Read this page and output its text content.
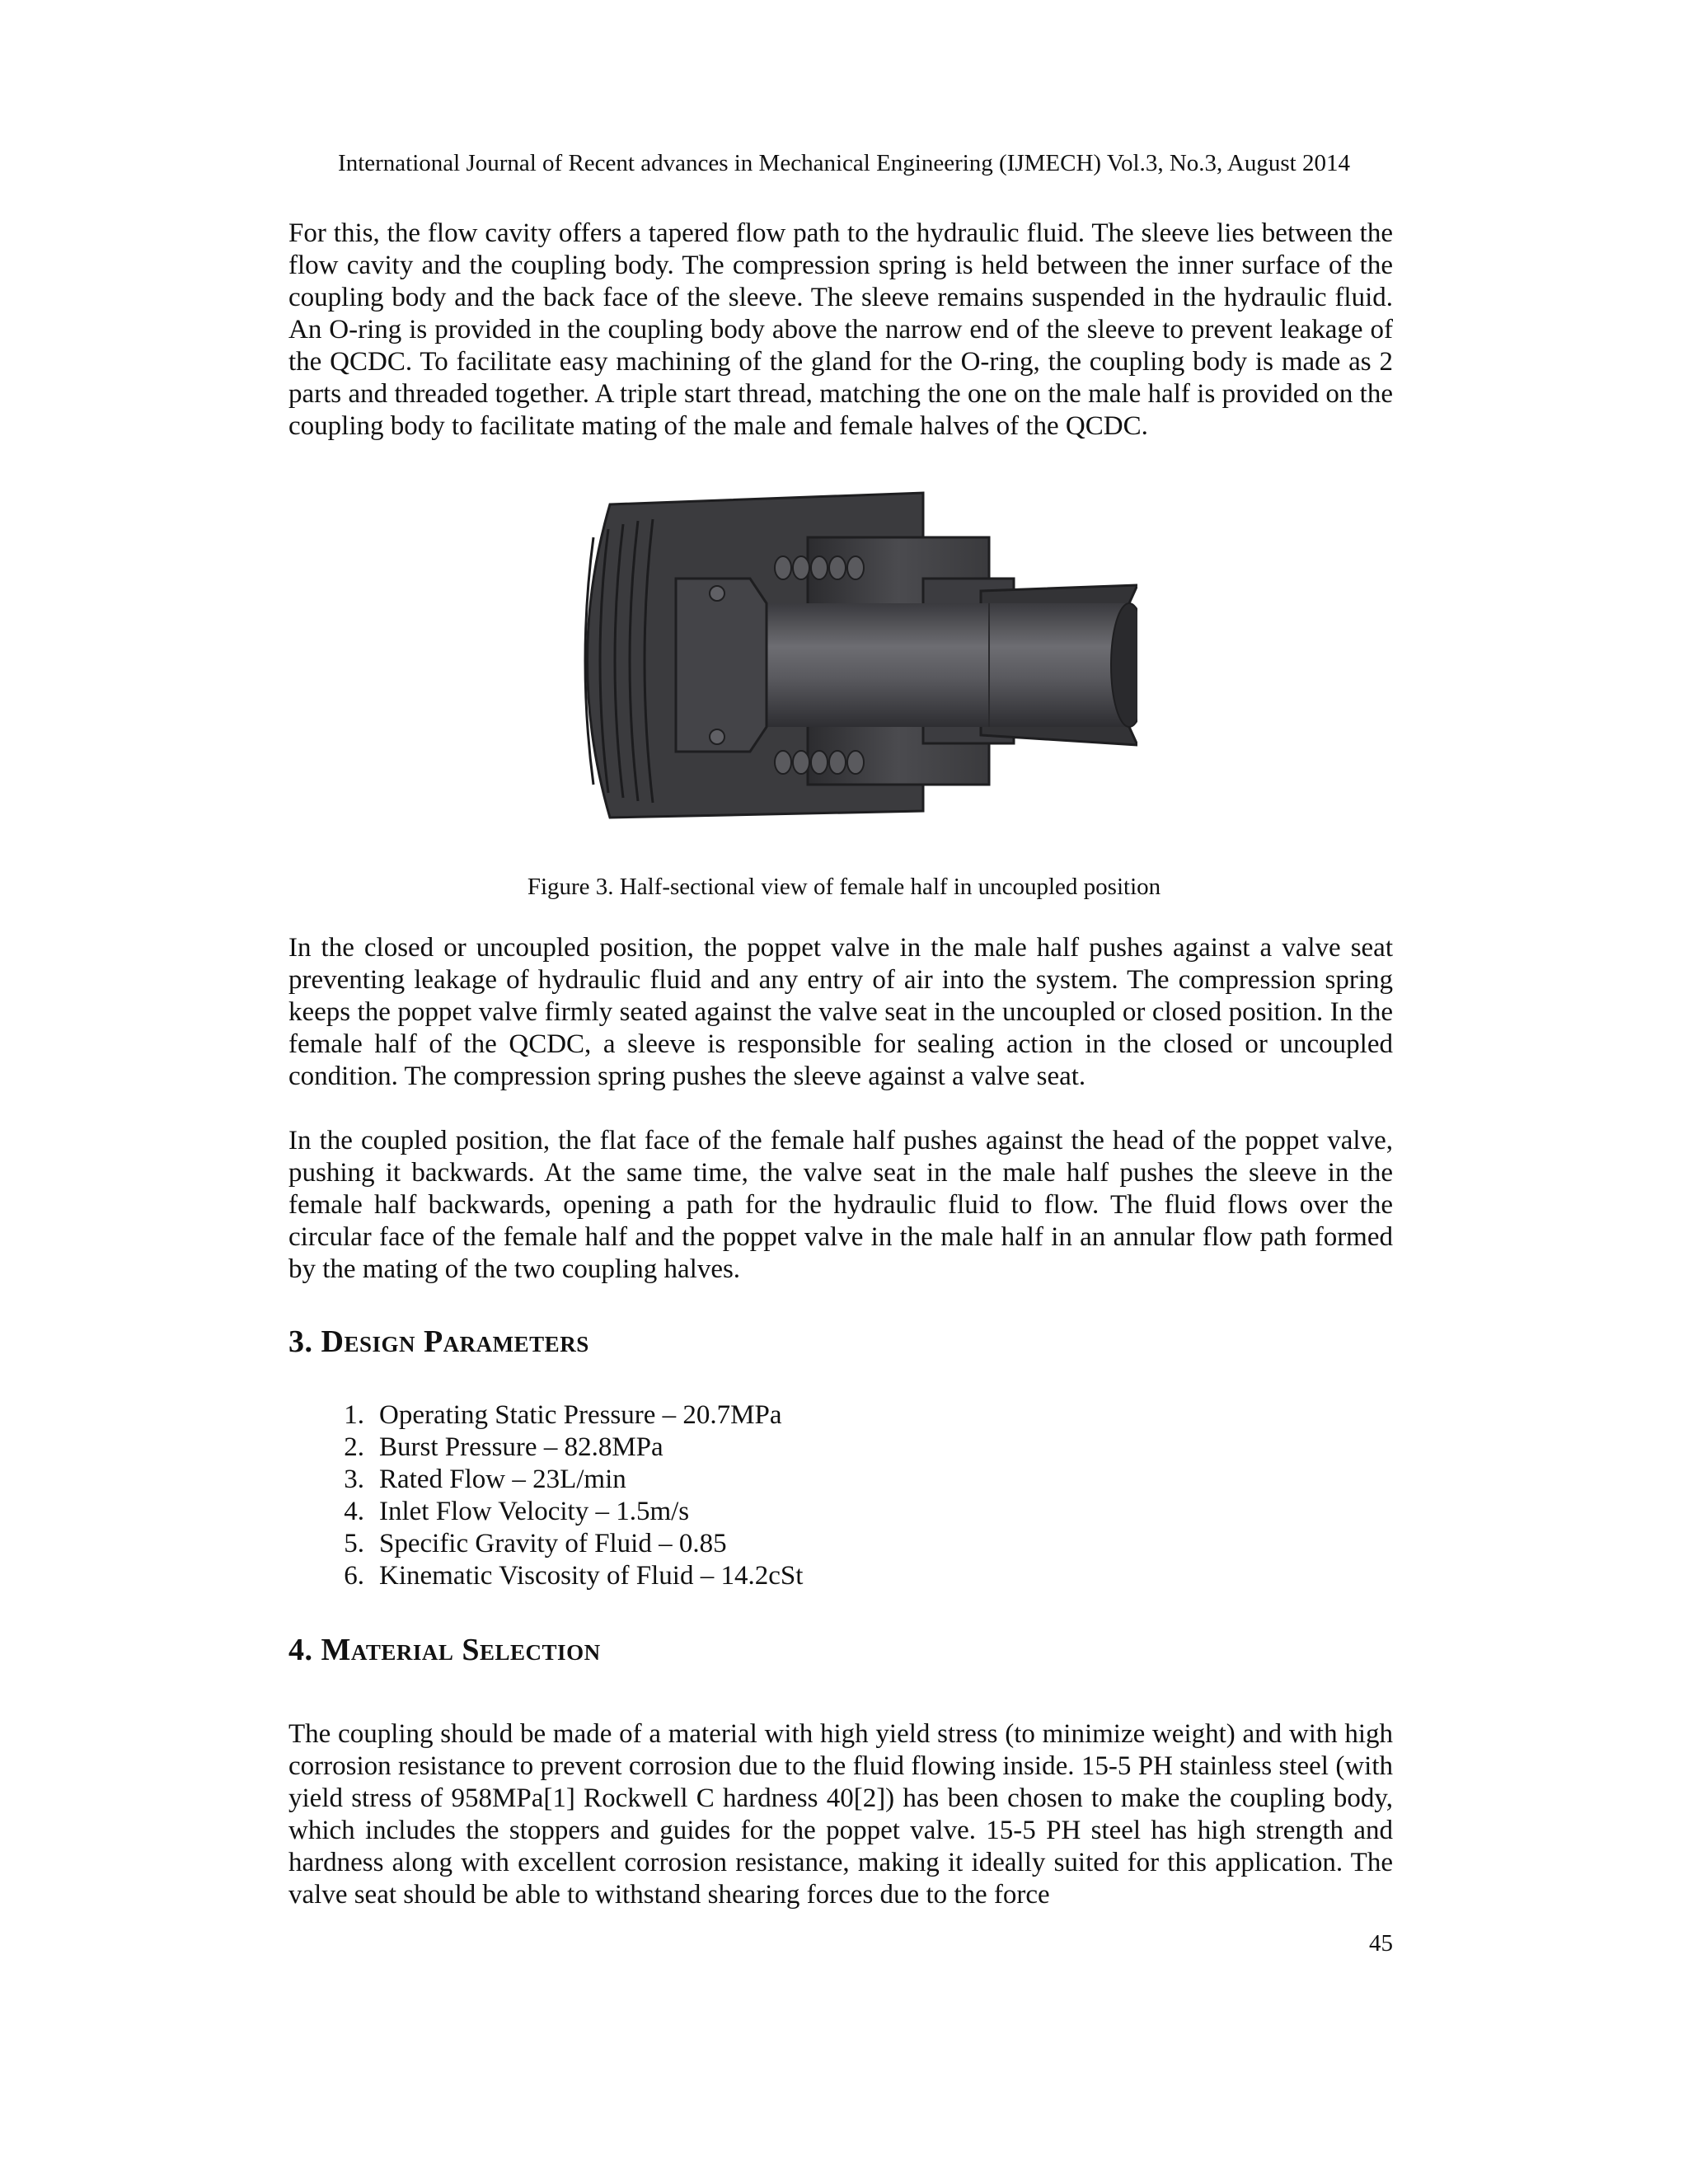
International Journal of Recent advances in Mechanical Engineering (IJMECH) Vol.3, No.3, August 2014

For this, the flow cavity offers a tapered flow path to the hydraulic fluid. The sleeve lies between the flow cavity and the coupling body. The compression spring is held between the inner surface of the coupling body and the back face of the sleeve. The sleeve remains suspended in the hydraulic fluid. An O-ring is provided in the coupling body above the narrow end of the sleeve to prevent leakage of the QCDC. To facilitate easy machining of the gland for the O-ring, the coupling body is made as 2 parts and threaded together. A triple start thread, matching the one on the male half is provided on the coupling body to facilitate mating of the male and female halves of the QCDC.

Figure 3. Half-sectional view of female half in uncoupled position

In the closed or uncoupled position, the poppet valve in the male half pushes against a valve seat preventing leakage of hydraulic fluid and any entry of air into the system. The compression spring keeps the poppet valve firmly seated against the valve seat in the uncoupled or closed position. In the female half of the QCDC, a sleeve is responsible for sealing action in the closed or uncoupled condition. The compression spring pushes the sleeve against a valve seat.

In the coupled position, the flat face of the female half pushes against the head of the poppet valve, pushing it backwards. At the same time, the valve seat in the male half pushes the sleeve in the female half backwards, opening a path for the hydraulic fluid to flow. The fluid flows over the circular face of the female half and the poppet valve in the male half in an annular flow path formed by the mating of the two coupling halves.

3. Design Parameters
1. Operating Static Pressure – 20.7MPa
2. Burst Pressure – 82.8MPa
3. Rated Flow – 23L/min
4. Inlet Flow Velocity – 1.5m/s
5. Specific Gravity of Fluid – 0.85
6. Kinematic Viscosity of Fluid – 14.2cSt
4. Material Selection

The coupling should be made of a material with high yield stress (to minimize weight) and with high corrosion resistance to prevent corrosion due to the fluid flowing inside. 15-5 PH stainless steel (with yield stress of 958MPa[1] Rockwell C hardness 40[2]) has been chosen to make the coupling body, which includes the stoppers and guides for the poppet valve. 15-5 PH steel has high strength and hardness along with excellent corrosion resistance, making it ideally suited for this application. The valve seat should be able to withstand shearing forces due to the force

45
